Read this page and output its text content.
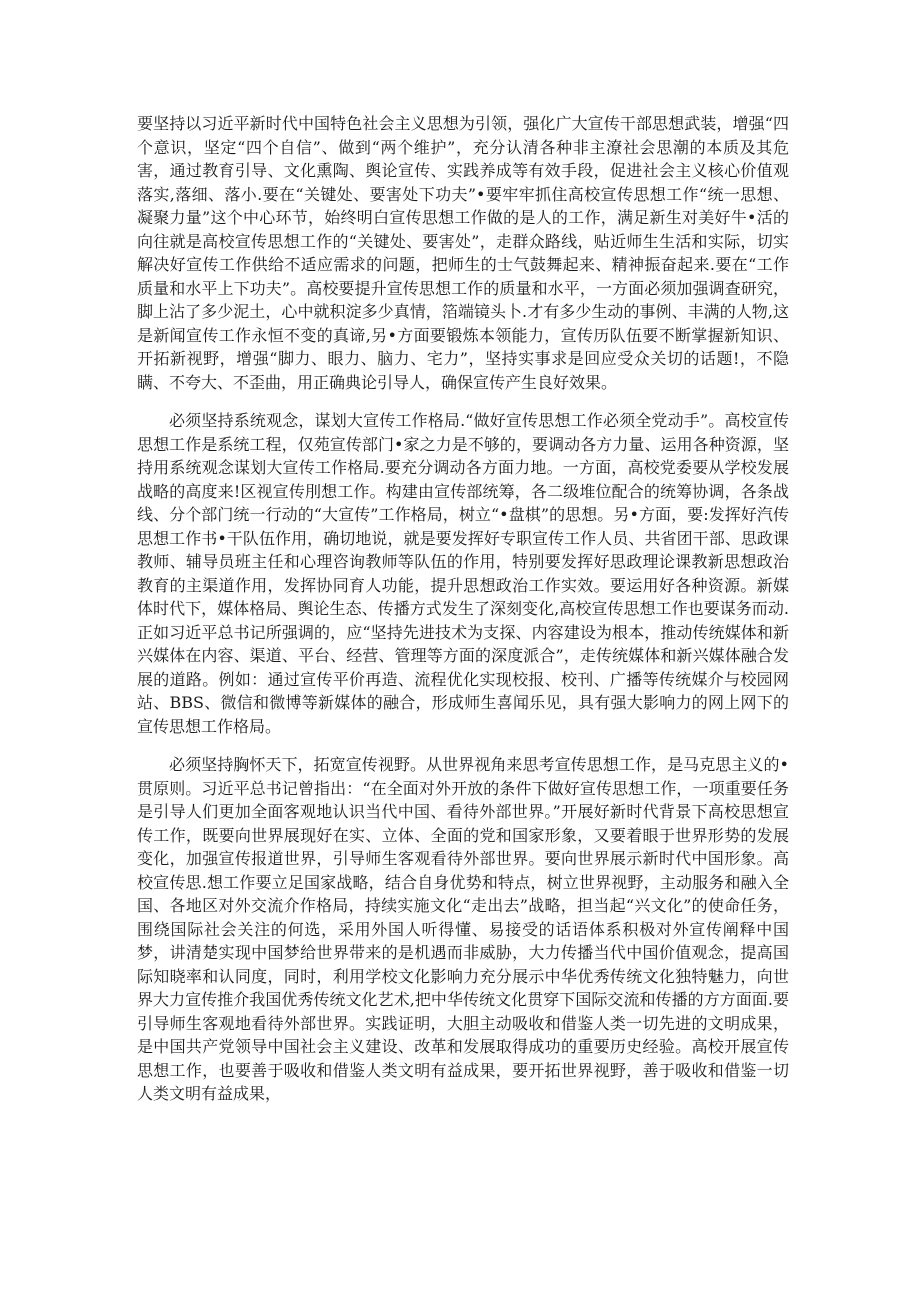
要坚持以习近平新时代中国特色社会主义思想为引领，强化广大宣传干部思想武装，增强“四个意识，坚定“四个自信”、做到“两个维护”，充分认清各种非主潦社会思潮的本质及其危害，通过教育引导、文化熏陶、舆论宣传、实践养成等有效手段，促进社会主义核心价值观落实,落细、落小.要在“关键处、要害处下功夫”•要牢牢抓住高校宣传思想工作“统一思想、凝聚力量”这个中心环节，始终明白宣传思想工作做的是人的工作，满足新生对美好牛•活的向往就是高校宣传思想工作的“关键处、要害处”，走群众路线，贴近师生生活和实际，切实解决好宣传工作供给不适应需求的问题，把师生的士气鼓舞起来、精神振奋起来.要在“工作质量和水平上下功夫”。高校要提升宣传思想工作的质量和水平，一方面必须加强调查研究，脚上沾了多少泥土，心中就积淀多少真情，箔端镜头卜.才有多少生动的事例、丰满的人物,这是新闻宣传工作永恒不变的真谛,另•方面要锻炼本领能力，宣传历队伍要不断掌握新知识、开拓新视野，增强“脚力、眼力、脑力、宅力”，坚持实事求是回应受众关切的话题!，不隐瞒、不夸大、不歪曲，用正确典论引导人，确保宣传产生良好效果。

必须坚持系统观念，谋划大宣传工作格局.“做好宣传思想工作必须全党动手”。高校宣传思想工作是系统工程，仅苑宣传部门•家之力是不够的，要调动各方力量、运用各种资源，坚持用系统观念谋划大宣传工作格局.要充分调动各方面力地。一方面，高校党委要从学校发展战略的高度来!区视宣传刖想工作。构建由宣传部统筹，各二级堆位配合的统筹协调，各条战线、分个部门统一行动的“大宣传”工作格局，树立“•盘棋”的思想。另•方面，要:发挥好汽传思想工作书•干队伍作用，确切地说，就是要发挥好专职宣传工作人员、共省团干部、思政课教师、辅导员班主任和心理咨询教师等队伍的作用，特别要发挥好思政理论课教新思想政治教育的主渠道作用，发挥协同育人功能，提升思想政治工作实效。要运用好各种资源。新媒体时代下，媒体格局、舆论生态、传播方式发生了深刻变化,高校宣传思想工作也要谋务而动.正如习近平总书记所强调的，应“坚持先进技术为支探、内容建设为根本，推动传统媒体和新兴媒体在内容、渠道、平台、经营、管理等方面的深度派合”，走传统媒体和新兴媒体融合发展的道路。例如：通过宣传平价再造、流程优化实现校报、校刊、广播等传统媒介与校园网站、BBS、微信和微博等新媒体的融合，形成师生喜闻乐见，具有强大影响力的网上网下的宣传思想工作格局。

必须坚持胸怀天下，拓宽宣传视野。从世界视角来思考宣传思想工作，是马克思主义的•贯原则。习近平总书记曾指出：“在全面对外开放的条件下做好宣传思想工作，一项重要任务是引导人们更加全面客观地认识当代中国、看待外部世界。”开展好新时代背景下高校思想宣传工作，既要向世界展现好在实、立体、全面的党和国家形象，又要着眼于世界形势的发展变化，加强宣传报道世界，引导师生客观看待外部世界。要向世界展示新时代中国形象。高校宣传思.想工作要立足国家战略，结合自身优势和特点，树立世界视野，主动服务和融入全国、各地区对外交流介作格局，持续实施文化“走出去”战略，担当起“兴文化”的使命任务，围绕国际社会关注的何选，采用外国人听得懂、易接受的话语体系积极对外宣传阐释中国梦，讲清楚实现中国梦给世界带来的是机遇而非威胁，大力传播当代中国价值观念，提高国际知晓率和认同度，同时，利用学校文化影响力充分展示中华优秀传统文化独特魅力，向世界大力宣传推介我国优秀传统文化艺术,把中华传统文化贯穿下国际交流和传播的方方面面.要引导师生客观地看待外部世界。实践证明，大胆主动吸收和借鉴人类一切先进的文明成果，是中国共产党领导中国社会主义建设、改革和发展取得成功的重要历史经验。高校开展宣传思想工作，也要善于吸收和借鉴人类文明有益成果，要开拓世界视野，善于吸收和借鉴一切人类文明有益成果，
